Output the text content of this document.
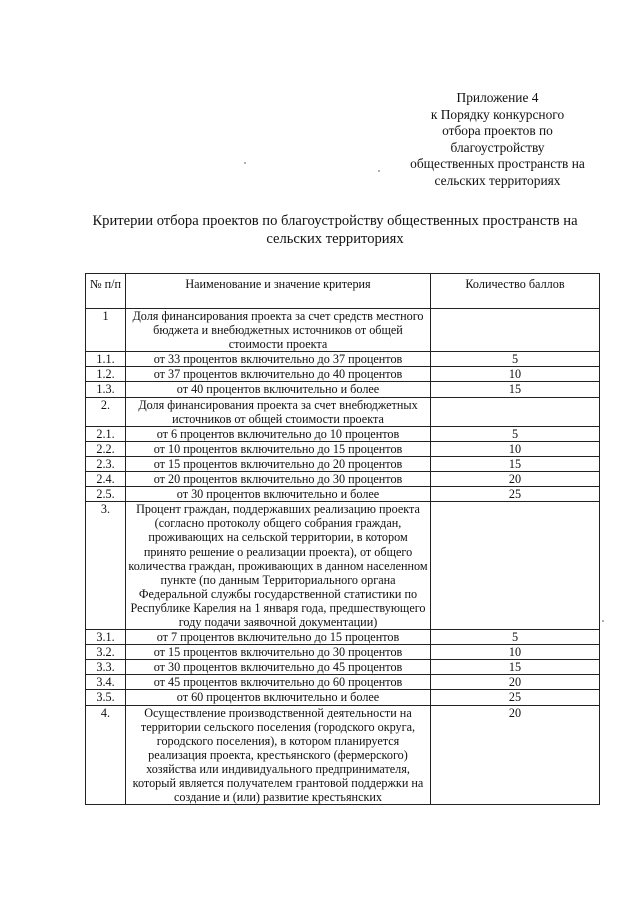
Приложение 4
к Порядку конкурсного
отбора проектов по
благоустройству
общественных пространств на
сельских территориях
Критерии отбора проектов по благоустройству общественных пространств на
сельских территориях
№ п/п	Наименование и значение критерия	Количество баллов
1	Доля финансирования проекта за счет средств местного бюджета и внебюджетных источников от общей стоимости проекта	
1.1.	от 33 процентов включительно до 37 процентов	5
1.2.	от 37 процентов включительно до 40 процентов	10
1.3.	от 40 процентов включительно и более	15
2.	Доля финансирования проекта за счет внебюджетных источников от общей стоимости проекта	
2.1.	от 6 процентов включительно до 10 процентов	5
2.2.	от 10 процентов включительно до 15 процентов	10
2.3.	от 15 процентов включительно до 20 процентов	15
2.4.	от 20 процентов включительно до 30 процентов	20
2.5.	от 30 процентов включительно и более	25
3.	Процент граждан, поддержавших реализацию проекта (согласно протоколу общего собрания граждан, проживающих на сельской территории, в котором принято решение о реализации проекта), от общего количества граждан, проживающих в данном населенном пункте (по данным Территориального органа Федеральной службы государственной статистики по Республике Карелия на 1 января года, предшествующего году подачи заявочной документации)	
3.1.	от 7 процентов включительно до 15 процентов	5
3.2.	от 15 процентов включительно до 30 процентов	10
3.3.	от 30 процентов включительно до 45 процентов	15
3.4.	от 45 процентов включительно до 60 процентов	20
3.5.	от 60 процентов включительно и более	25
4.	Осуществление производственной деятельности на территории сельского поселения (городского округа, городского поселения), в котором планируется реализация проекта, крестьянского (фермерского) хозяйства или индивидуального предпринимателя, который является получателем грантовой поддержки на создание и (или) развитие крестьянских	20
